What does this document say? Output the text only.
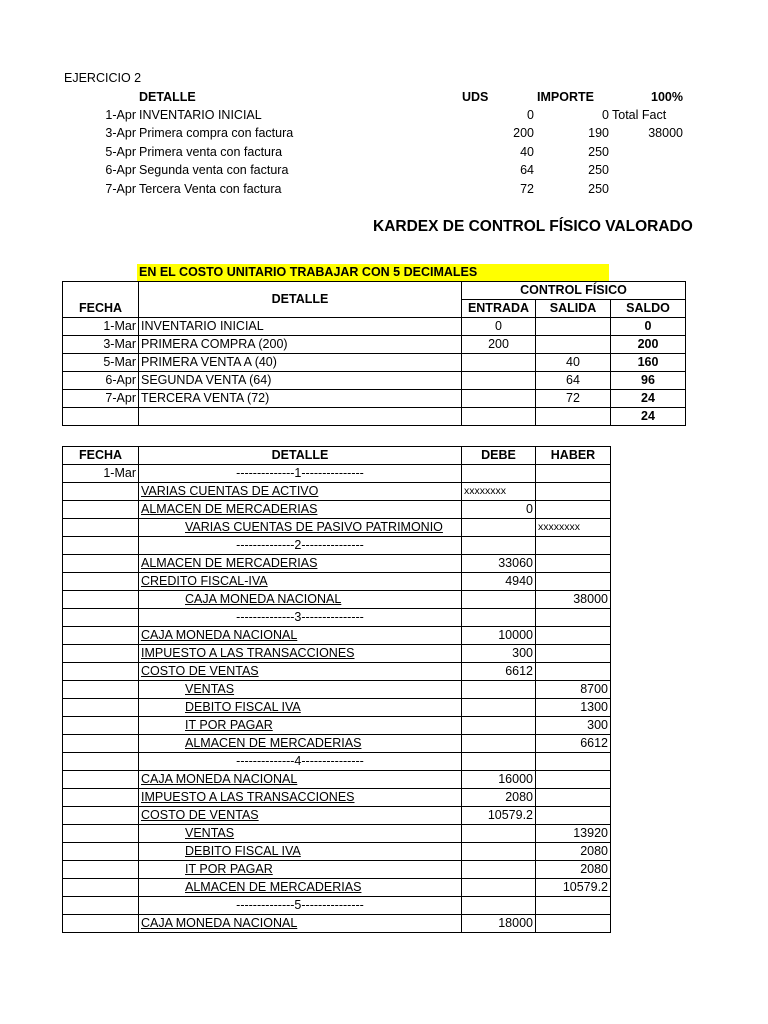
EJERCICIO 2
DETALLE	UDS	IMPORTE	100%
1-Apr INVENTARIO INICIAL	0	0 Total Fact
3-Apr Primera compra con factura	200	190	38000
5-Apr Primera venta con factura	40	250
6-Apr Segunda venta con factura	64	250
7-Apr Tercera Venta con factura	72	250
KARDEX DE CONTROL FÍSICO VALORADO
EN EL COSTO UNITARIO TRABAJAR CON 5 DECIMALES
FECHA	DETALLE	CONTROL FÍSICO		
		ENTRADA	SALIDA	SALDO
1-Mar	INVENTARIO INICIAL	0		0
3-Mar	PRIMERA COMPRA (200)	200		200
5-Mar	PRIMERA VENTA A (40)		40	160
6-Apr	SEGUNDA VENTA (64)		64	96
7-Apr	TERCERA VENTA (72)		72	24
				24
FECHA	DETALLE	DEBE	HABER
1-Mar	--------------1---------------		
	VARIAS CUENTAS DE ACTIVO	xxxxxxxx	
	ALMACEN DE MERCADERIAS	0	
	VARIAS CUENTAS DE PASIVO PATRIMONIO		xxxxxxxx
	--------------2---------------		
	ALMACEN DE MERCADERIAS	33060	
	CREDITO FISCAL-IVA	4940	
	CAJA MONEDA NACIONAL		38000
	--------------3---------------		
	CAJA MONEDA NACIONAL	10000	
	IMPUESTO A LAS TRANSACCIONES	300	
	COSTO DE VENTAS	6612	
	VENTAS		8700
	DEBITO FISCAL IVA		1300
	IT POR PAGAR		300
	ALMACEN DE MERCADERIAS		6612
	--------------4---------------		
	CAJA MONEDA NACIONAL	16000	
	IMPUESTO A LAS TRANSACCIONES	2080	
	COSTO DE VENTAS	10579.2	
	VENTAS		13920
	DEBITO FISCAL IVA		2080
	IT POR PAGAR		2080
	ALMACEN DE MERCADERIAS		10579.2
	--------------5---------------		
	CAJA MONEDA NACIONAL	18000	
